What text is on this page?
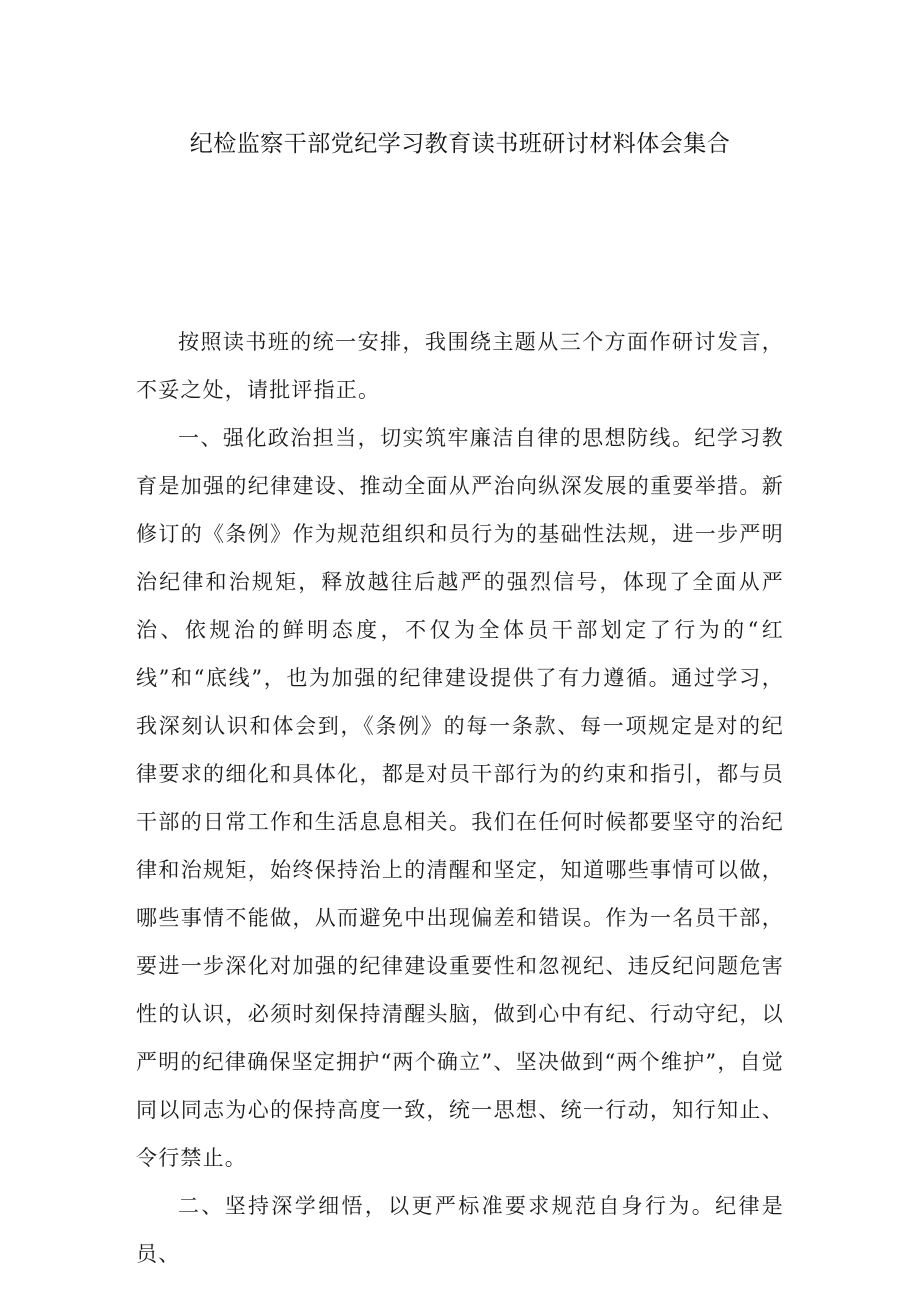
纪检监察干部党纪学习教育读书班研讨材料体会集合

按照读书班的统一安排，我围绕主题从三个方面作研讨发言，不妥之处，请批评指正。

一、强化政治担当，切实筑牢廉洁自律的思想防线。纪学习教育是加强的纪律建设、推动全面从严治向纵深发展的重要举措。新修订的《条例》作为规范组织和员行为的基础性法规，进一步严明治纪律和治规矩，释放越往后越严的强烈信号，体现了全面从严治、依规治的鲜明态度，不仅为全体员干部划定了行为的“红线”和“底线”，也为加强的纪律建设提供了有力遵循。通过学习，我深刻认识和体会到，《条例》的每一条款、每一项规定是对的纪律要求的细化和具体化，都是对员干部行为的约束和指引，都与员干部的日常工作和生活息息相关。我们在任何时候都要坚守的治纪律和治规矩，始终保持治上的清醒和坚定，知道哪些事情可以做，哪些事情不能做，从而避免中出现偏差和错误。作为一名员干部，要进一步深化对加强的纪律建设重要性和忽视纪、违反纪问题危害性的认识，必须时刻保持清醒头脑，做到心中有纪、行动守纪，以严明的纪律确保坚定拥护“两个确立”、坚决做到“两个维护”，自觉同以同志为心的保持高度一致，统一思想、统一行动，知行知止、令行禁止。

二、坚持深学细悟，以更严标准要求规范自身行为。纪律是员、
